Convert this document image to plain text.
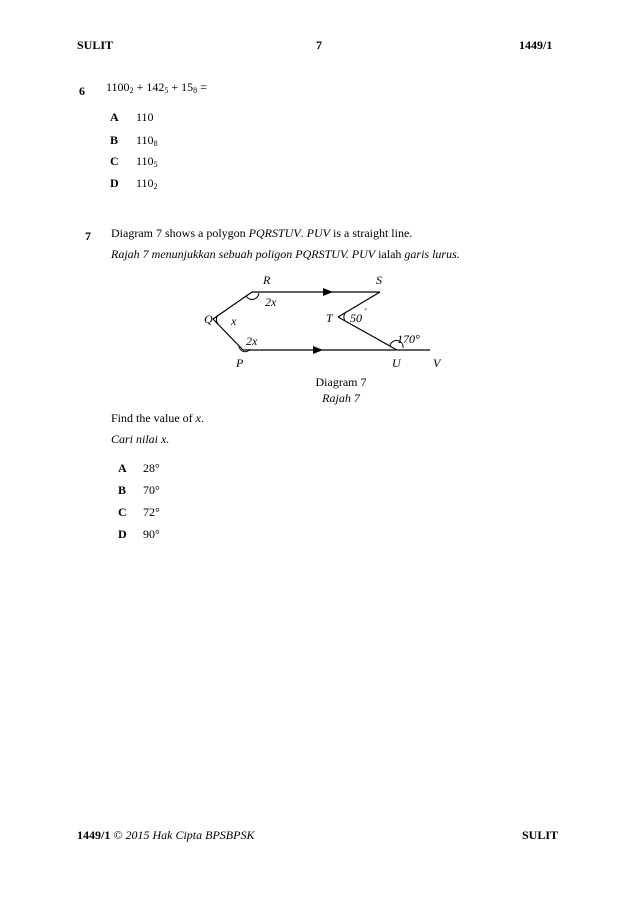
SULIT	7	1449/1
6 $1100_2 + 142_5 + 15_8$ =
A 110
B $110_8$
C $110_5$
D $110_2$
7 Diagram 7 shows a polygon PQRSTUV. PUV is a straight line.
Rajah 7 menunjukkan sebuah poligon PQRSTUV. PUV ialah garis lurus.
R	S
Q	T
P	U	V
2x
x
2x
50 °
170°
Diagram 7
Rajah 7
Find the value of x.
Cari nilai x.
A 28°
B 70°
C 72°
D 90°
1449/1 © 2015 Hak Cipta BPSBPSK	SULIT
